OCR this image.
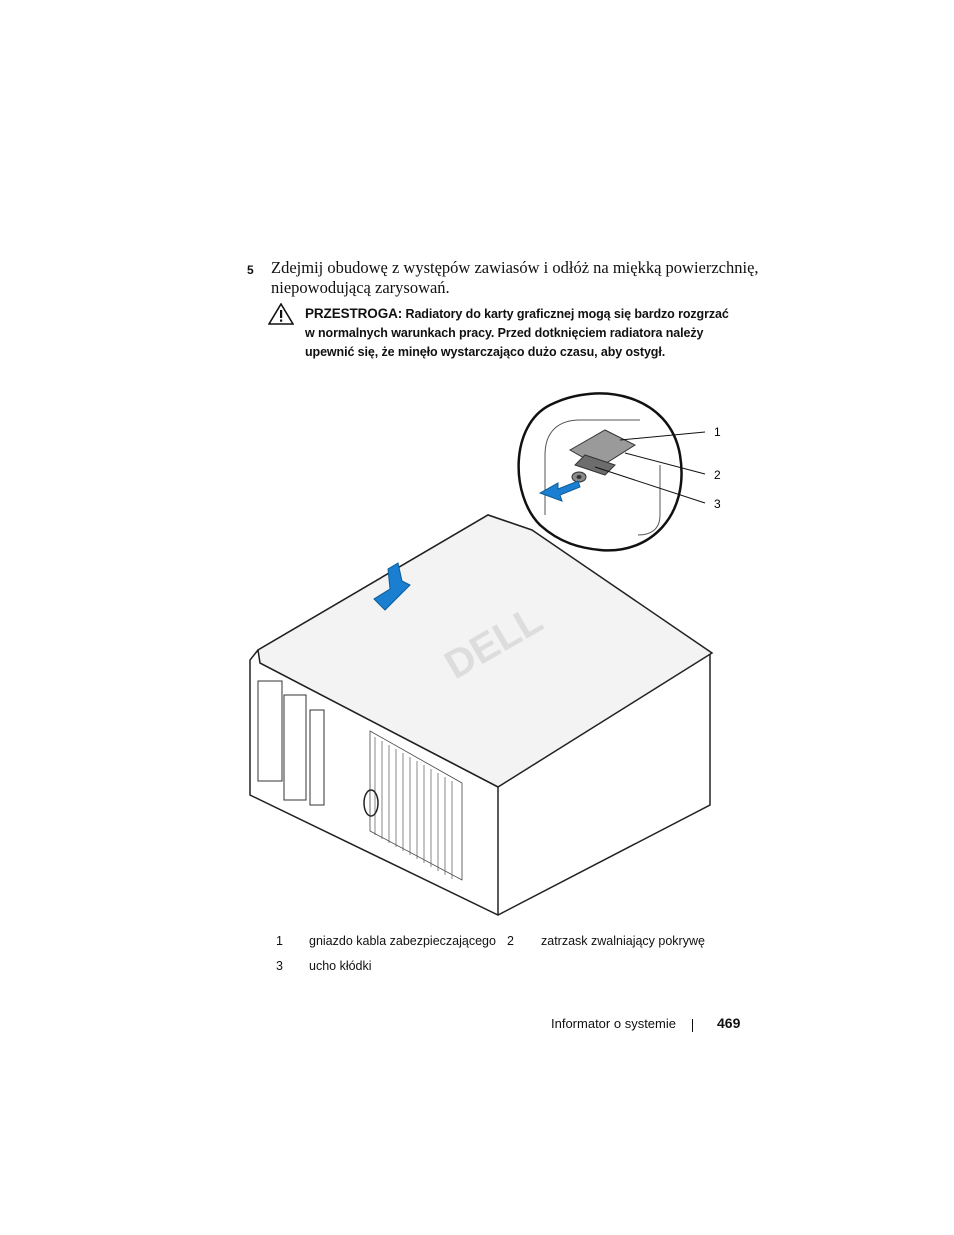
5 Zdejmij obudowę z występów zawiasów i odłóż na miękką powierzchnię, niepowodującą zarysowań.
PRZESTROGA: Radiatory do karty graficznej mogą się bardzo rozgrzać w normalnych warunkach pracy. Przed dotknięciem radiatora należy upewnić się, że minęło wystarczająco dużo czasu, aby ostygł.
1
2
3
DELL
1 gniazdo kabla zabezpieczającego 2 zatrzask zwalniający pokrywę
3 ucho kłódki
Informator o systemie	469
